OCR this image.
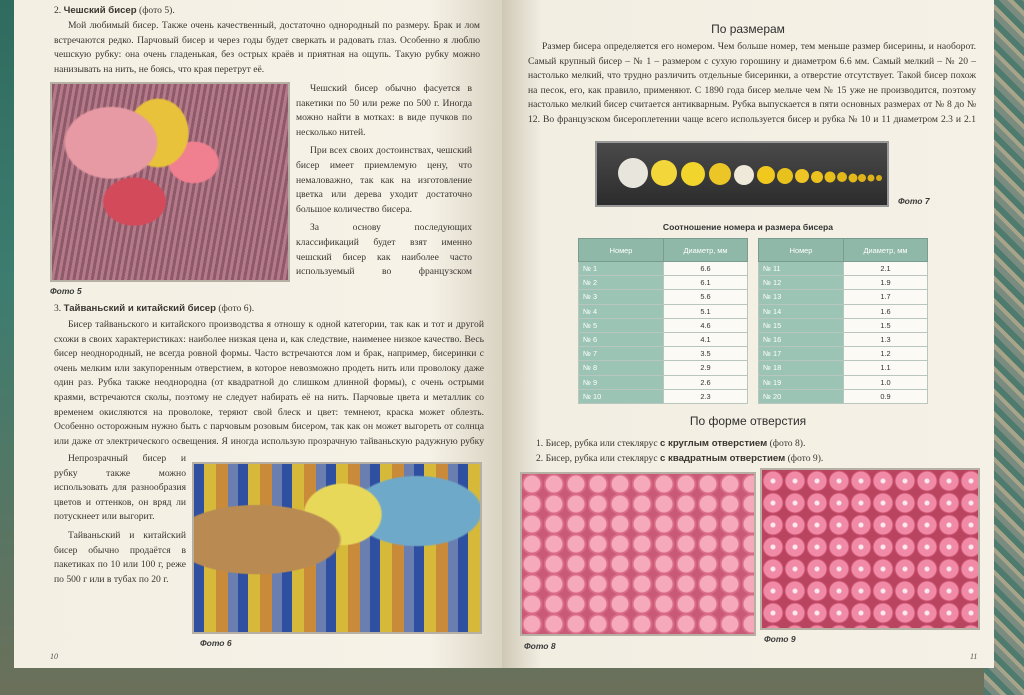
2. Чешский бисер (фото 5).

Мой любимый бисер. Также очень качественный, достаточно однородный по размеру. Брак и лом встречаются редко. Парчовый бисер и через годы будет сверкать и радовать глаз. Особенно я люблю чешскую рубку: она очень гладенькая, без острых краёв и приятная на ощупь. Такую рубку можно нанизывать на нить, не боясь, что края перетрут её.

Фото 5

Чешский бисер обычно фасуется в пакетики по 50 или реже по 500 г. Иногда можно найти в мотках: в виде пучков по несколько нитей.

При всех своих достоинствах, чешский бисер имеет приемлемую цену, что немаловажно, так как на изготовление цветка или дерева уходит достаточно большое количество бисера.

За основу последующих классификаций будет взят именно чешский бисер как наиболее часто используемый во французском

3. Тайваньский и китайский бисер (фото 6).

Бисер тайваньского и китайского производства я отношу к одной категории, так как и тот и другой схожи в своих характеристиках: наиболее низкая цена и, как следствие, наименее низкое качество. Весь бисер неоднородный, не всегда ровной формы. Часто встречаются лом и брак, например, бисеринки с очень мелким или закупоренным отверстием, в которое невозможно продеть нить или проволоку даже один раз. Рубка также неоднородна (от квадратной до слишком длинной формы), с очень острыми краями, встречаются сколы, поэтому не следует набирать её на нить. Парчовые цвета и металлик со временем окисляются на проволоке, теряют свой блеск и цвет: темнеют, краска может облезть. Особенно осторожным нужно быть с парчовым розовым бисером, так как он может выгореть от солнца или даже от электрического освещения. Я иногда использую прозрачную тайваньскую радужную рубку

Непрозрачный бисер и рубку также можно использовать для разнообразия цветов и оттенков, он вряд ли потускнеет или выгорит.

Тайваньский и китайский бисер обычно продаётся в пакетиках по 10 или 100 г, реже по 500 г или в тубах по 20 г.

Фото 6
10
По размерам

Размер бисера определяется его номером. Чем больше номер, тем меньше размер бисерины, и наоборот. Самый крупный бисер – № 1 – размером с сухую горошину и диаметром 6.6 мм. Самый мелкий – № 20 – настолько мелкий, что трудно различить отдельные бисеринки, а отверстие отсутствует. Такой бисер похож на песок, его, как правило, применяют. С 1890 года бисер мельче чем № 15 уже не производится, поэтому настолько мелкий бисер считается антикварным. Рубка выпускается в пяти основных размерах от № 8 до № 12. Во французском бисероплетении чаще всего используется бисер и рубка № 10 и 11 диаметром 2.3 и 2.1

Фото 7
Соотношение номера и размера бисера
Номер	Диаметр, мм
№ 1	6.6
№ 2	6.1
№ 3	5.6
№ 4	5.1
№ 5	4.6
№ 6	4.1
№ 7	3.5
№ 8	2.9
№ 9	2.6
№ 10	2.3
Номер	Диаметр, мм
№ 11	2.1
№ 12	1.9
№ 13	1.7
№ 14	1.6
№ 15	1.5
№ 16	1.3
№ 17	1.2
№ 18	1.1
№ 19	1.0
№ 20	0.9
По форме отверстия
1. Бисер, рубка или стеклярус с круглым отверстием (фото 8).
2. Бисер, рубка или стеклярус с квадратным отверстием (фото 9).
Фото 8
Фото 9
11
